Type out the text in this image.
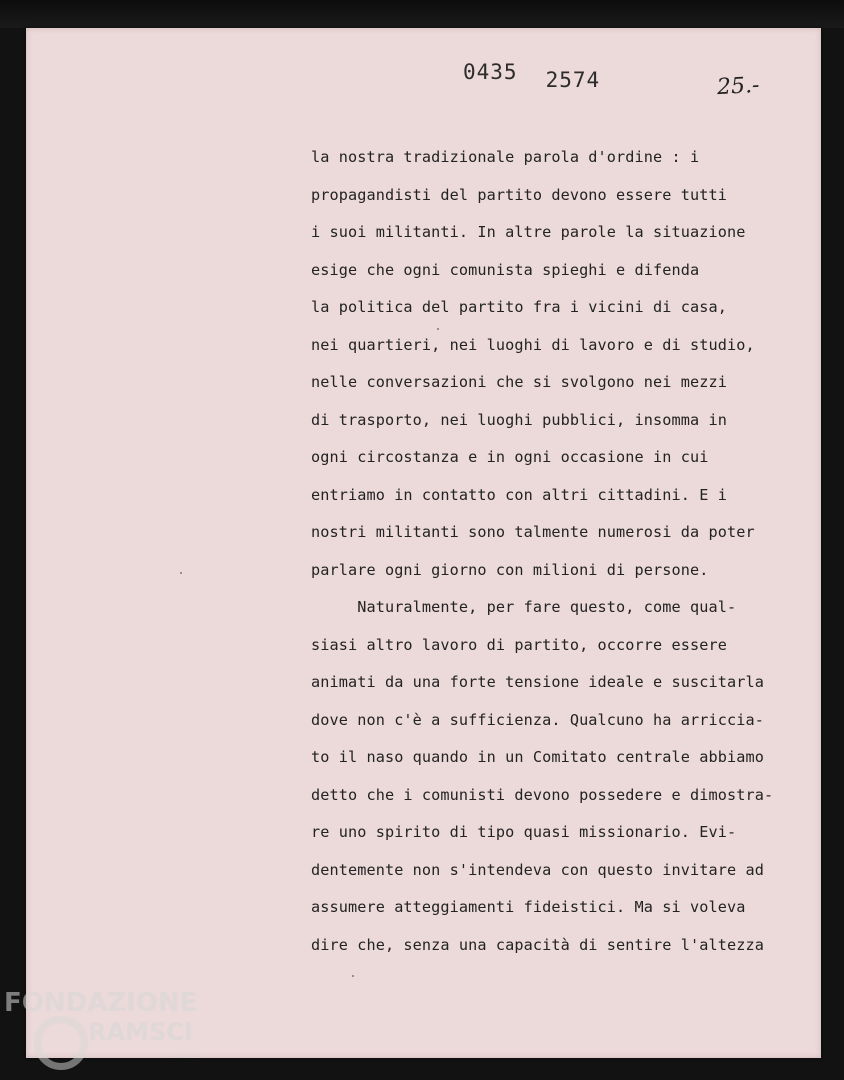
0435 2574	25.-
la nostra tradizionale parola d'ordine : i
propagandisti del partito devono essere tutti
i suoi militanti. In altre parole la situazione
esige che ogni comunista spieghi e difenda
la politica del partito fra i vicini di casa,
nei quartieri, nei luoghi di lavoro e di studio,
nelle conversazioni che si svolgono nei mezzi
di trasporto, nei luoghi pubblici, insomma in
ogni circostanza e in ogni occasione in cui
entriamo in contatto con altri cittadini. E i
nostri militanti sono talmente numerosi da poter
parlare ogni giorno con milioni di persone.
Naturalmente, per fare questo, come qual-
siasi altro lavoro di partito, occorre essere
animati da una forte tensione ideale e suscitarla
dove non c'è a sufficienza. Qualcuno ha arriccia-
to il naso quando in un Comitato centrale abbiamo
detto che i comunisti devono possedere e dimostra-
re uno spirito di tipo quasi missionario. Evi-
dentemente non s'intendeva con questo invitare ad
assumere atteggiamenti fideistici. Ma si voleva
dire che, senza una capacità di sentire l'altezza
FONDAZIONE
RAMSCI
onlus
